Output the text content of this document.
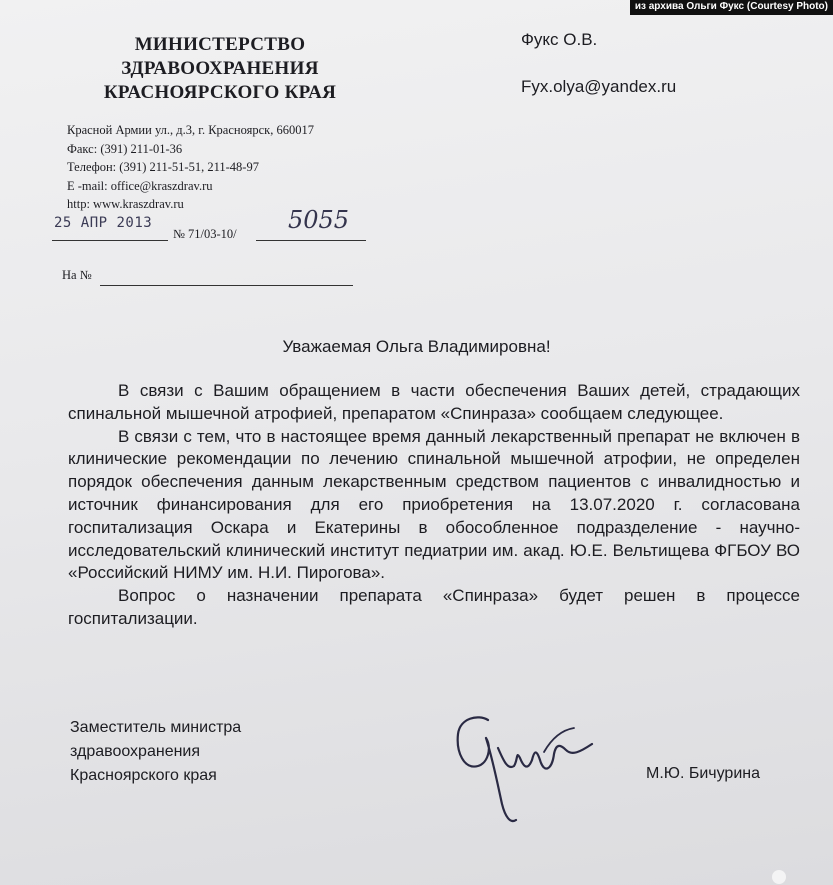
из архива Ольги Фукс (Courtesy Photo)
МИНИСТЕРСТВО
ЗДРАВООХРАНЕНИЯ
КРАСНОЯРСКОГО КРАЯ
Красной Армии ул., д.3, г. Красноярск, 660017
Факс: (391) 211-01-36
Телефон: (391) 211-51-51, 211-48-97
E -mail: office@kraszdrav.ru
http: www.kraszdrav.ru
Фукс О.В.
Fyx.olya@yandex.ru
25 АПР 2013
№ 71/03-10/ 5055
На №
Уважаемая Ольга Владимировна!

В связи с Вашим обращением в части обеспечения Ваших детей, страдающих спинальной мышечной атрофией, препаратом «Спинраза» сообщаем следующее.

В связи с тем, что в настоящее время данный лекарственный препарат не включен в клинические рекомендации по лечению спинальной мышечной атрофии, не определен порядок обеспечения данным лекарственным средством пациентов с инвалидностью и источник финансирования для его приобретения на 13.07.2020 г. согласована госпитализация Оскара и Екатерины в обособленное подразделение - научно-исследовательский клинический институт педиатрии им. акад. Ю.Е. Вельтищева ФГБОУ ВО «Российский НИМУ им. Н.И. Пирогова».

Вопрос о назначении препарата «Спинраза» будет решен в процессе госпитализации.

Заместитель министра
здравоохранения
Красноярского края	М.Ю. Бичурина
